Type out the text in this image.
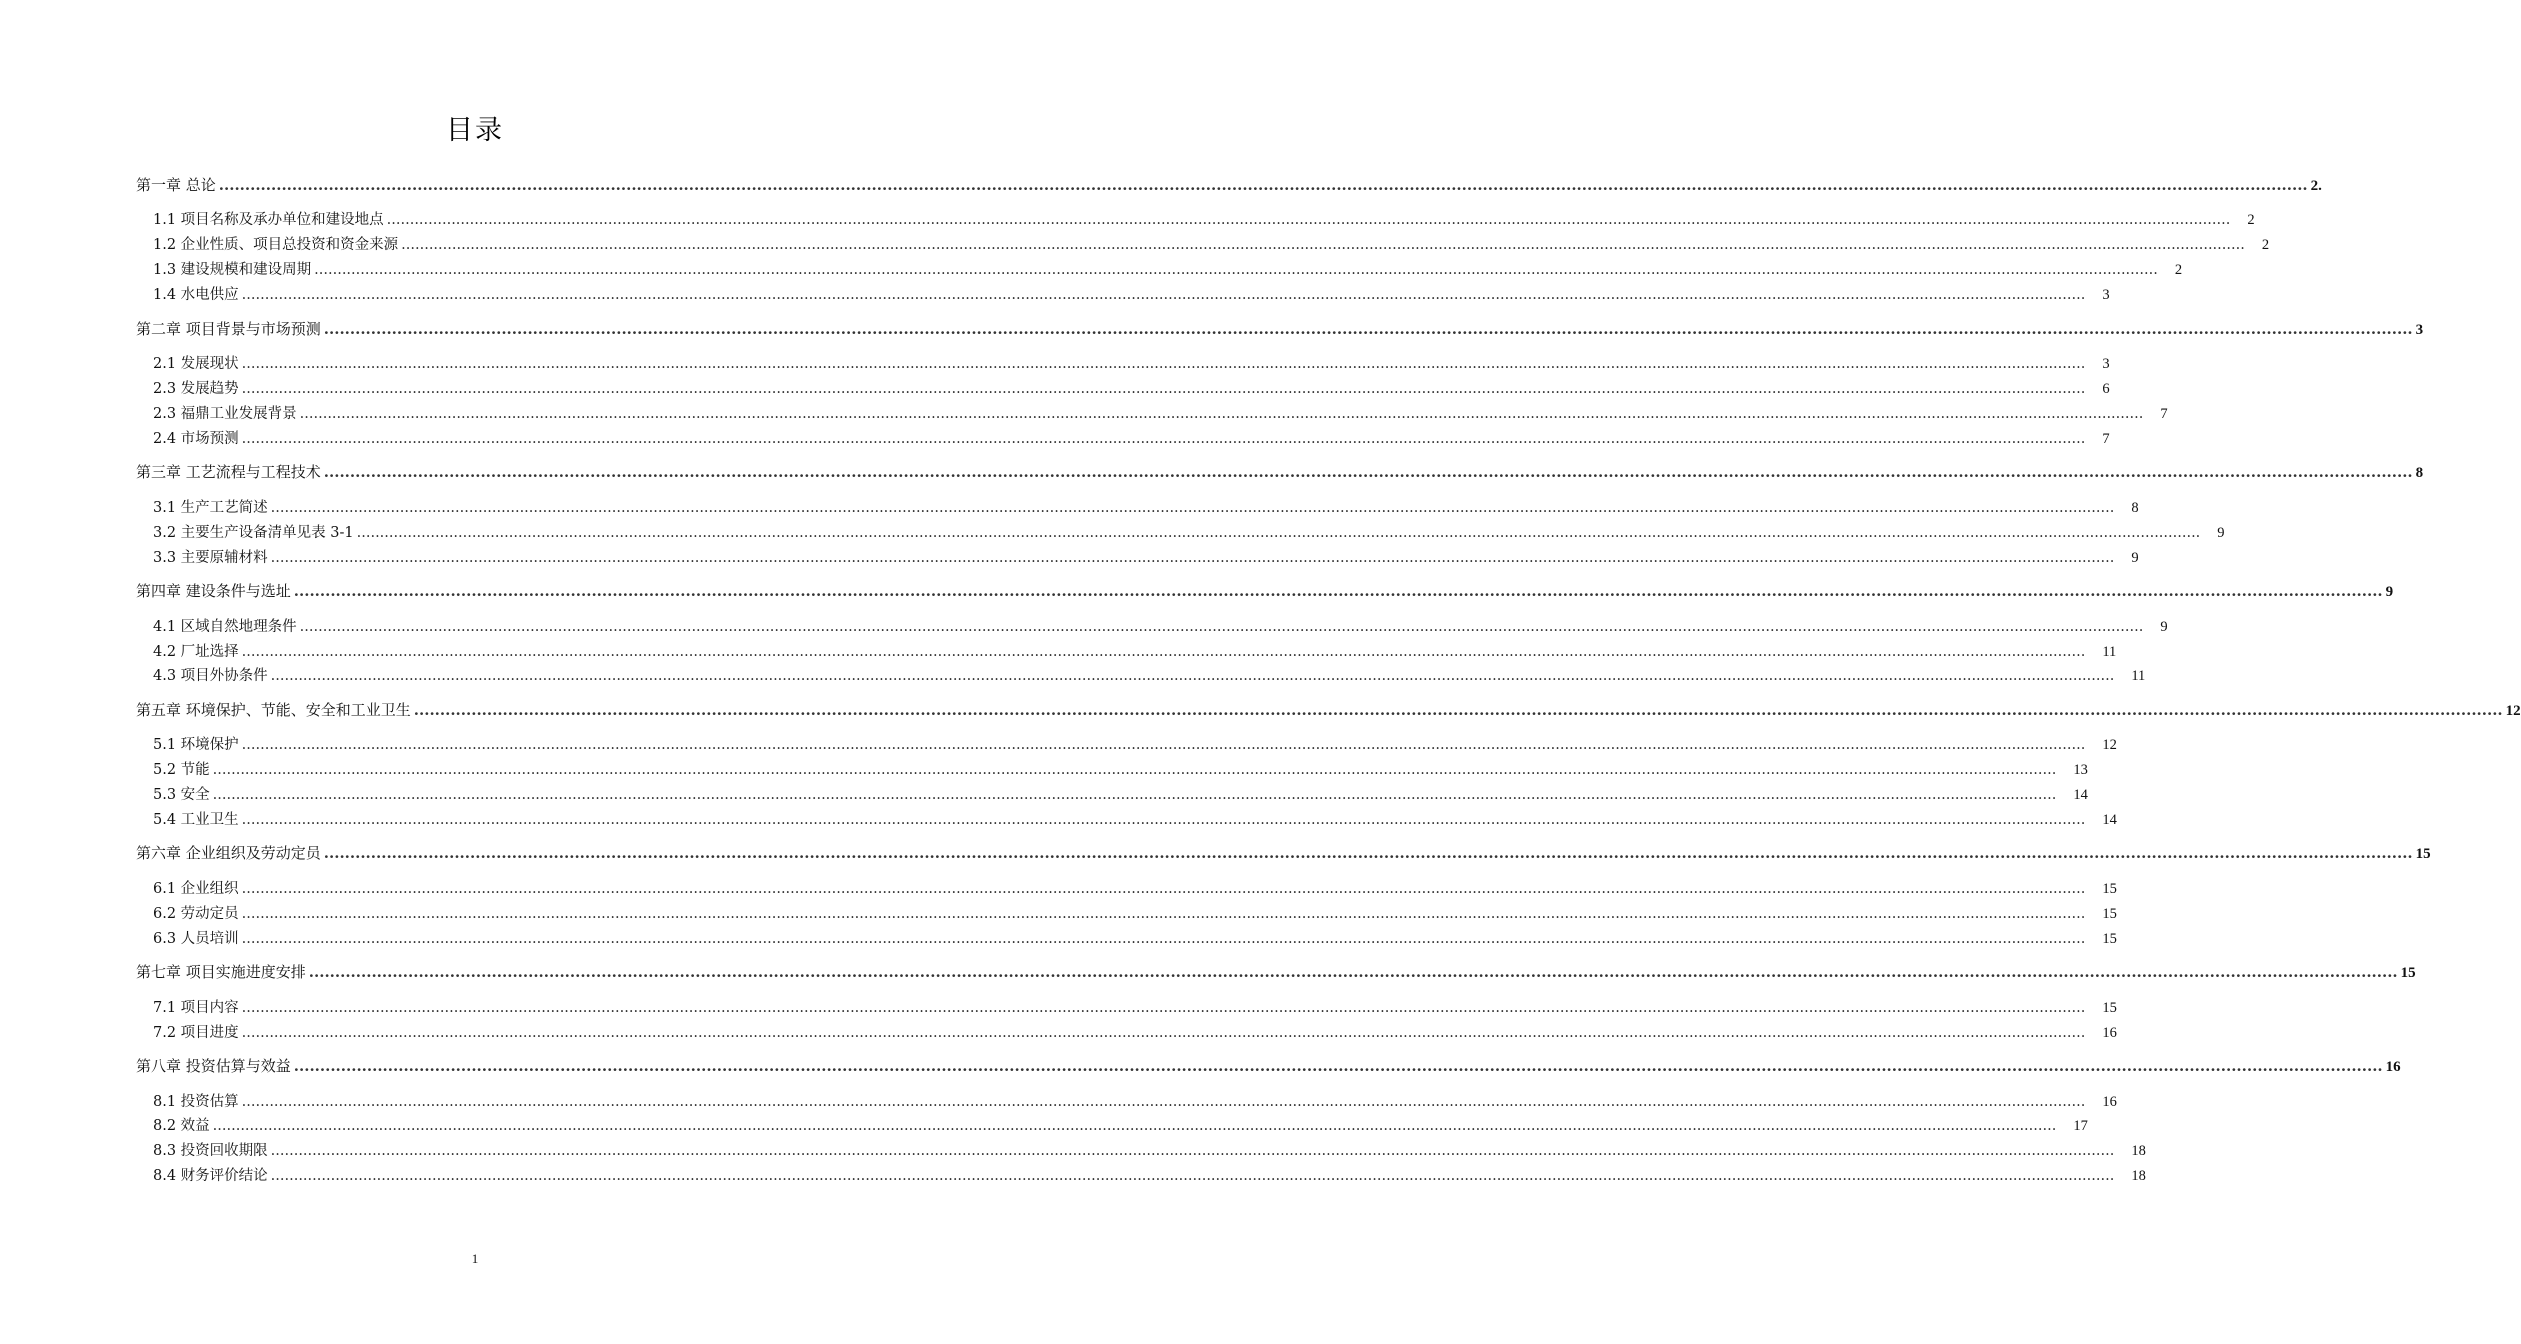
目录
第一章 总论 ................................................................................................................................................................................................................................................................................................................................................................................................................ 2.
1.1 项目名称及承办单位和建设地点 ................................................................................................................................................................................................................................................................................................................................................................................................................ 2
1.2 企业性质、项目总投资和资金来源 ................................................................................................................................................................................................................................................................................................................................................................................................................ 2
1.3 建设规模和建设周期 ................................................................................................................................................................................................................................................................................................................................................................................................................ 2
1.4 水电供应 ................................................................................................................................................................................................................................................................................................................................................................................................................ 3
第二章 项目背景与市场预测 ................................................................................................................................................................................................................................................................................................................................................................................................................ 3
2.1 发展现状 ................................................................................................................................................................................................................................................................................................................................................................................................................ 3
2.3 发展趋势 ................................................................................................................................................................................................................................................................................................................................................................................................................ 6
2.3 福鼎工业发展背景 ................................................................................................................................................................................................................................................................................................................................................................................................................ 7
2.4 市场预测 ................................................................................................................................................................................................................................................................................................................................................................................................................ 7
第三章 工艺流程与工程技术 ................................................................................................................................................................................................................................................................................................................................................................................................................ 8
3.1 生产工艺简述 ................................................................................................................................................................................................................................................................................................................................................................................................................ 8
3.2 主要生产设备清单见表 3-1 ................................................................................................................................................................................................................................................................................................................................................................................................................ 9
3.3 主要原辅材料 ................................................................................................................................................................................................................................................................................................................................................................................................................ 9
第四章 建设条件与选址 ................................................................................................................................................................................................................................................................................................................................................................................................................ 9
4.1 区域自然地理条件 ................................................................................................................................................................................................................................................................................................................................................................................................................ 9
4.2 厂址选择 ................................................................................................................................................................................................................................................................................................................................................................................................................ 11
4.3 项目外协条件 ................................................................................................................................................................................................................................................................................................................................................................................................................ 11
第五章 环境保护、节能、安全和工业卫生 ................................................................................................................................................................................................................................................................................................................................................................................................................ 12
5.1 环境保护 ................................................................................................................................................................................................................................................................................................................................................................................................................ 12
5.2 节能 ................................................................................................................................................................................................................................................................................................................................................................................................................ 13
5.3 安全 ................................................................................................................................................................................................................................................................................................................................................................................................................ 14
5.4 工业卫生 ................................................................................................................................................................................................................................................................................................................................................................................................................ 14
第六章 企业组织及劳动定员 ................................................................................................................................................................................................................................................................................................................................................................................................................ 15
6.1 企业组织 ................................................................................................................................................................................................................................................................................................................................................................................................................ 15
6.2 劳动定员 ................................................................................................................................................................................................................................................................................................................................................................................................................ 15
6.3 人员培训 ................................................................................................................................................................................................................................................................................................................................................................................................................ 15
第七章 项目实施进度安排 ................................................................................................................................................................................................................................................................................................................................................................................................................ 15
7.1 项目内容 ................................................................................................................................................................................................................................................................................................................................................................................................................ 15
7.2 项目进度 ................................................................................................................................................................................................................................................................................................................................................................................................................ 16
第八章 投资估算与效益 ................................................................................................................................................................................................................................................................................................................................................................................................................ 16
8.1 投资估算 ................................................................................................................................................................................................................................................................................................................................................................................................................ 16
8.2 效益 ................................................................................................................................................................................................................................................................................................................................................................................................................ 17
8.3 投资回收期限 ................................................................................................................................................................................................................................................................................................................................................................................................................ 18
8.4 财务评价结论 ................................................................................................................................................................................................................................................................................................................................................................................................................ 18
1
